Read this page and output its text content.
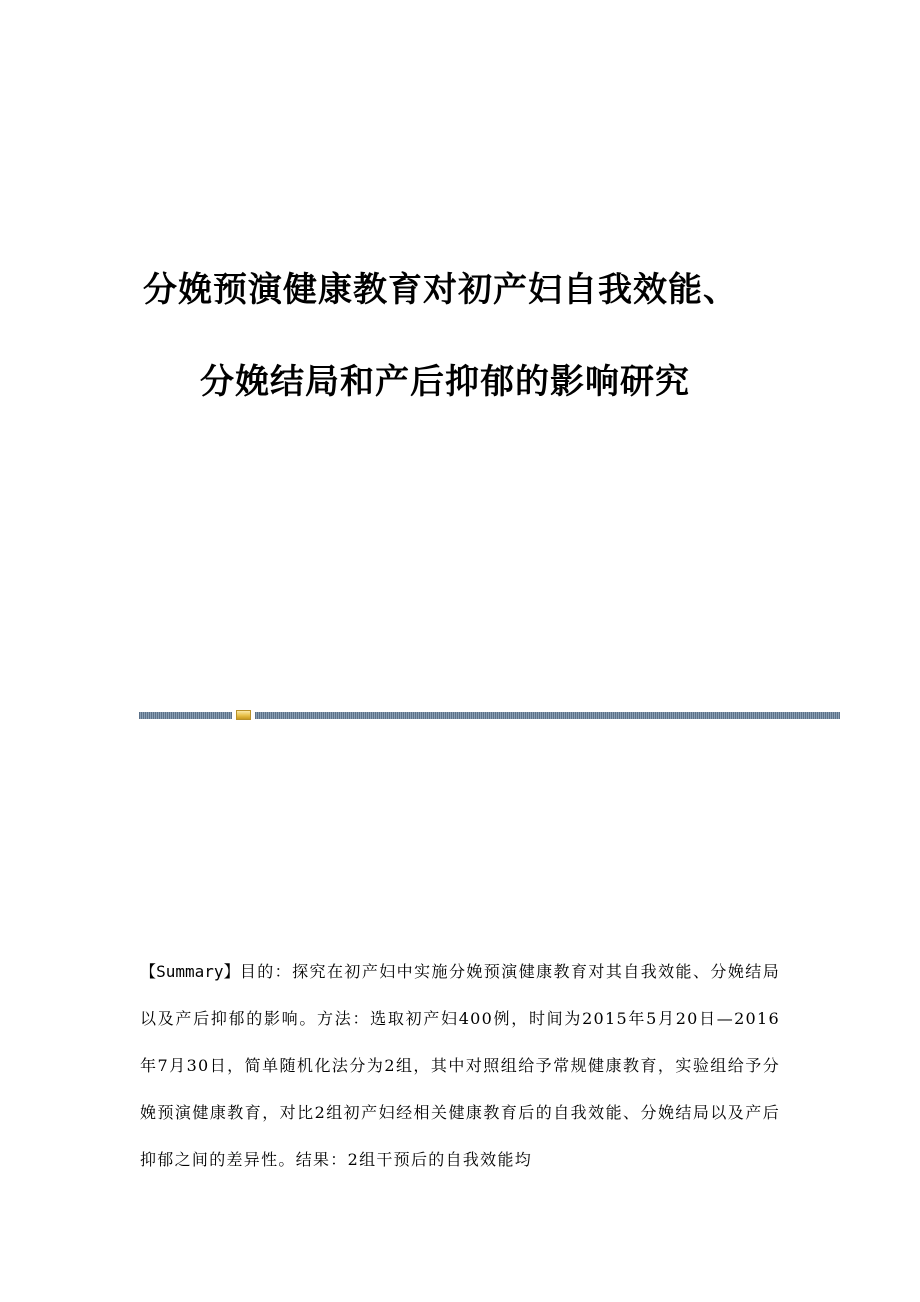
分娩预演健康教育对初产妇自我效能、
分娩结局和产后抑郁的影响研究
【Summary】目的：探究在初产妇中实施分娩预演健康教育对其自我效能、分娩结局以及产后抑郁的影响。方法：选取初产妇400例，时间为2015年5月20日—2016年7月30日，简单随机化法分为2组，其中对照组给予常规健康教育，实验组给予分娩预演健康教育，对比2组初产妇经相关健康教育后的自我效能、分娩结局以及产后抑郁之间的差异性。结果：2组干预后的自我效能均
